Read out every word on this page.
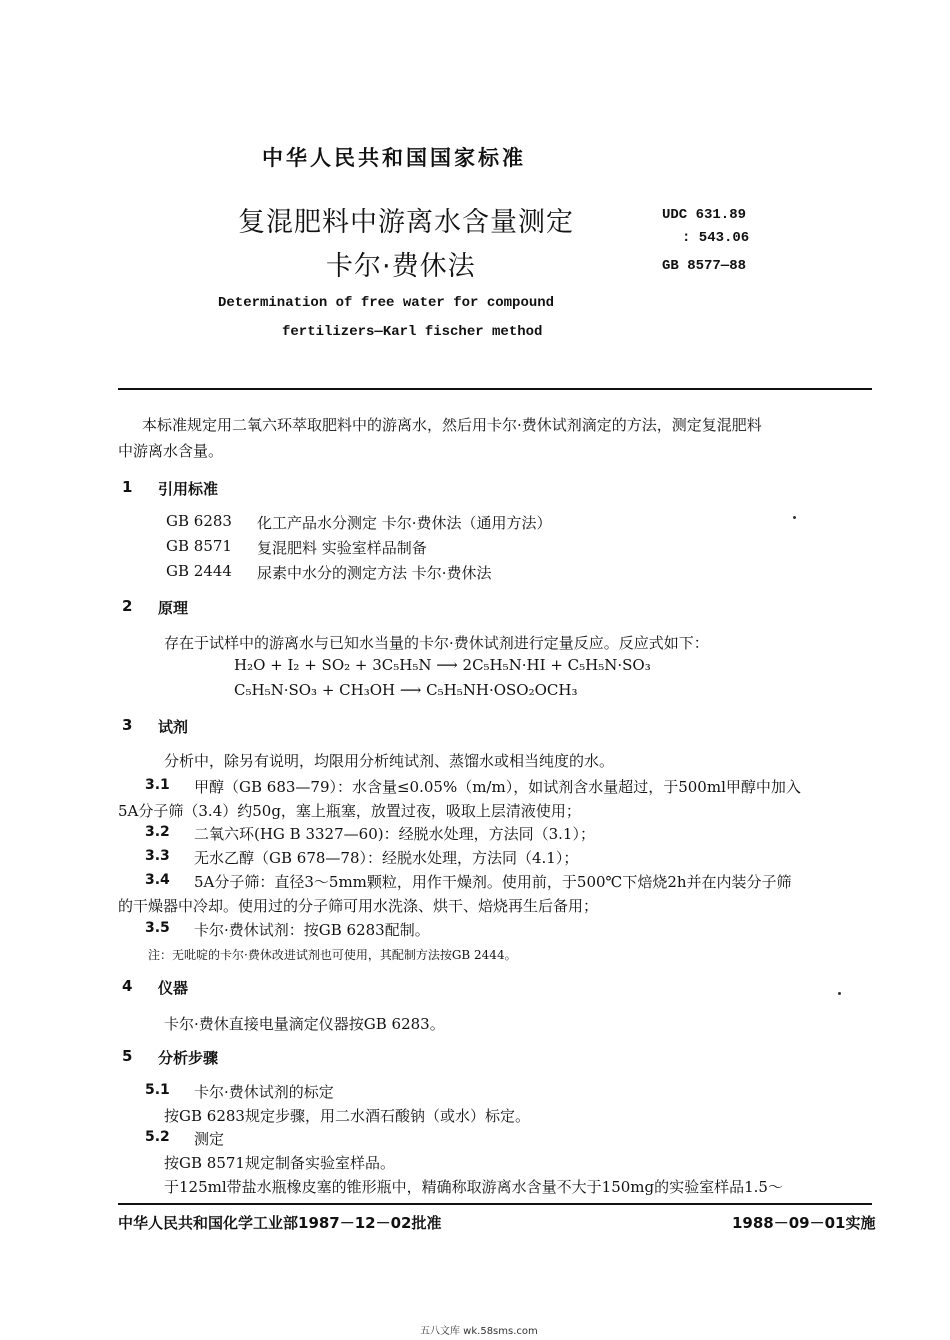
中华人民共和国国家标准
复混肥料中游离水含量测定
卡尔·费休法
UDC 631.89
: 543.06
GB 8577—88
Determination of free water for compound
fertilizers—Karl fischer method
本标准规定用二氧六环萃取肥料中的游离水，然后用卡尔·费休试剂滴定的方法，测定复混肥料
中游离水含量。
1 引用标准
GB 6283 化工产品水分测定 卡尔·费休法（通用方法）
GB 8571 复混肥料 实验室样品制备
GB 2444 尿素中水分的测定方法 卡尔·费休法
2 原理
存在于试样中的游离水与已知水当量的卡尔·费休试剂进行定量反应。反应式如下：
H₂O + I₂ + SO₂ + 3C₅H₅N ⟶ 2C₅H₅N·HI + C₅H₅N·SO₃
C₅H₅N·SO₃ + CH₃OH ⟶ C₅H₅NH·OSO₂OCH₃
3 试剂
分析中，除另有说明，均限用分析纯试剂、蒸馏水或相当纯度的水。
3.1 甲醇（GB 683—79）：水含量≤0.05%（m/m），如试剂含水量超过，于500ml甲醇中加入
5A分子筛（3.4）约50g，塞上瓶塞，放置过夜，吸取上层清液使用；
3.2 二氧六环(HG B 3327—60)：经脱水处理，方法同（3.1）；
3.3 无水乙醇（GB 678—78）：经脱水处理，方法同（4.1）；
3.4 5A分子筛：直径3～5mm颗粒，用作干燥剂。使用前，于500℃下焙烧2h并在内装分子筛
的干燥器中冷却。使用过的分子筛可用水洗涤、烘干、焙烧再生后备用；
3.5 卡尔·费休试剂：按GB 6283配制。
注：无吡啶的卡尔·费休改进试剂也可使用，其配制方法按GB 2444。
4 仪器
卡尔·费休直接电量滴定仪器按GB 6283。
5 分析步骤
5.1 卡尔·费休试剂的标定
按GB 6283规定步骤，用二水酒石酸钠（或水）标定。
5.2 测定
按GB 8571规定制备实验室样品。
于125ml带盐水瓶橡皮塞的锥形瓶中，精确称取游离水含量不大于150mg的实验室样品1.5～
中华人民共和国化学工业部1987－12－02批准	1988－09－01实施
五八文库 wk.58sms.com
